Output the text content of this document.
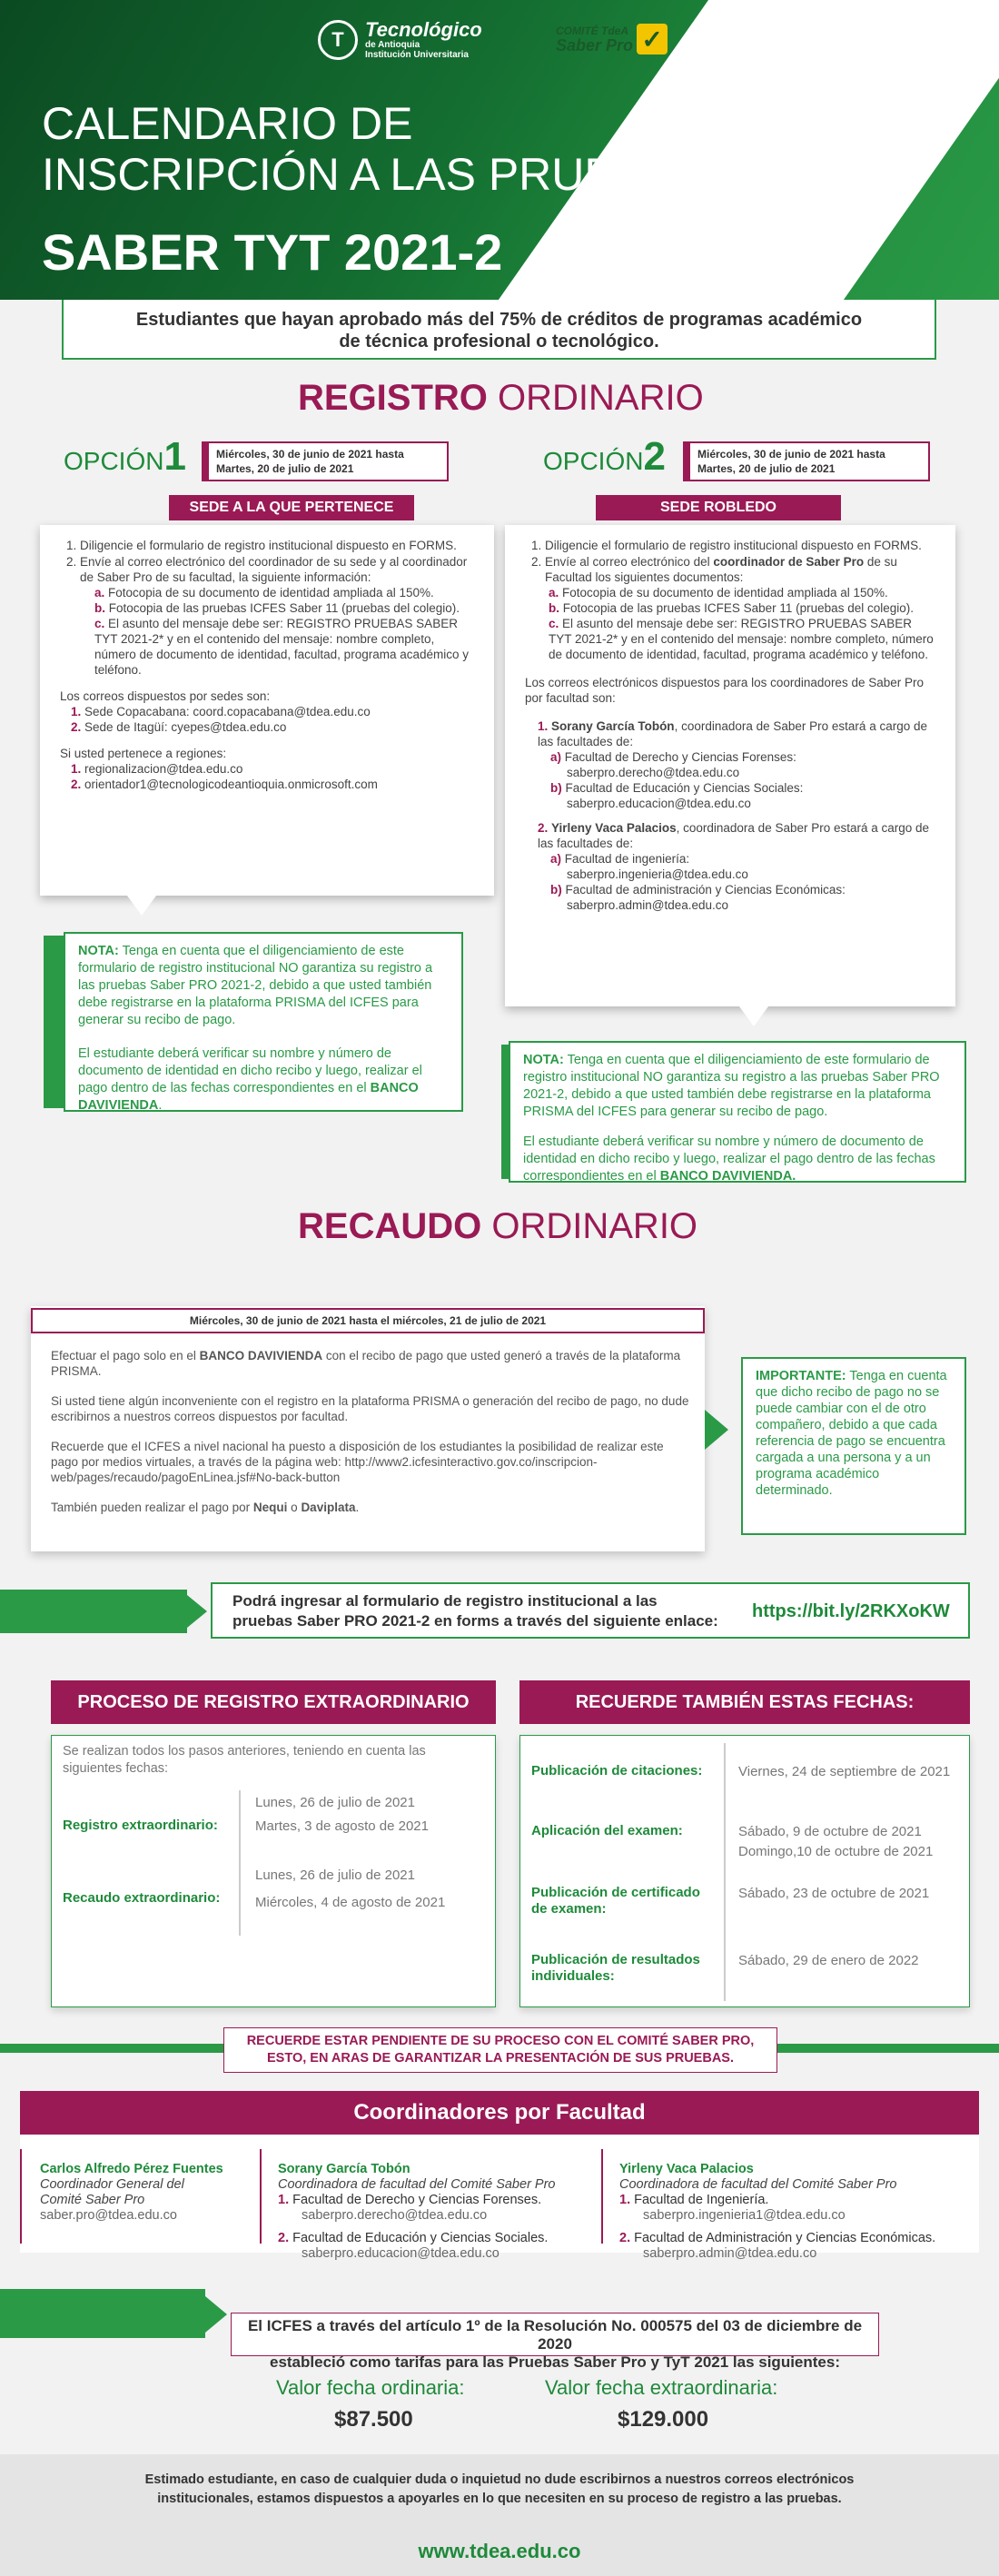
T	Tecnológico
de Antioquia
Institución Universitaria
COMITÉ TdeA
Saber Pro ✓
CALENDARIO DE
INSCRIPCIÓN A LAS PRUEBAS
SABER TYT 2021-2
Estudiantes que hayan aprobado más del 75% de créditos de programas académico
de técnica profesional o tecnológico.
REGISTRO ORDINARIO
OPCIÓN1	Miércoles, 30 de junio de 2021 hasta
Martes, 20 de julio de 2021
SEDE A LA QUE PERTENECE
1. Diligencie el formulario de registro institucional dispuesto en FORMS.
2. Envíe al correo electrónico del coordinador de su sede y al coordinador de Saber Pro de su facultad, la siguiente información:
a. Fotocopia de su documento de identidad ampliada al 150%.
b. Fotocopia de las pruebas ICFES Saber 11 (pruebas del colegio).
c. El asunto del mensaje debe ser: REGISTRO PRUEBAS SABER TYT 2021-2* y en el contenido del mensaje: nombre completo, número de documento de identidad, facultad, programa académico y teléfono.
Los correos dispuestos por sedes son:
1. Sede Copacabana: coord.copacabana@tdea.edu.co
2. Sede de Itagüí: cyepes@tdea.edu.co
Si usted pertenece a regiones:
1. regionalizacion@tdea.edu.co
2. orientador1@tecnologicodeantioquia.onmicrosoft.com

NOTA: Tenga en cuenta que el diligenciamiento de este formulario de registro institucional NO garantiza su registro a las pruebas Saber PRO 2021-2, debido a que usted también debe registrarse en la plataforma PRISMA del ICFES para generar su recibo de pago.

El estudiante deberá verificar su nombre y número de documento de identidad en dicho recibo y luego, realizar el pago dentro de las fechas correspondientes en el BANCO DAVIVIENDA.

OPCIÓN2	Miércoles, 30 de junio de 2021 hasta
Martes, 20 de julio de 2021
SEDE ROBLEDO
1. Diligencie el formulario de registro institucional dispuesto en FORMS.
2. Envíe al correo electrónico del coordinador de Saber Pro de su Facultad los siguientes documentos:
a. Fotocopia de su documento de identidad ampliada al 150%.
b. Fotocopia de las pruebas ICFES Saber 11 (pruebas del colegio).
c. El asunto del mensaje debe ser: REGISTRO PRUEBAS SABER TYT 2021-2* y en el contenido del mensaje: nombre completo, número de documento de identidad, facultad, programa académico y teléfono.
Los correos electrónicos dispuestos para los coordinadores de Saber Pro por facultad son:
1. Sorany García Tobón, coordinadora de Saber Pro estará a cargo de las facultades de:
a) Facultad de Derecho y Ciencias Forenses:
saberpro.derecho@tdea.edu.co
b) Facultad de Educación y Ciencias Sociales:
saberpro.educacion@tdea.edu.co
2. Yirleny Vaca Palacios, coordinadora de Saber Pro estará a cargo de las facultades de:
a) Facultad de ingeniería:
saberpro.ingenieria@tdea.edu.co
b) Facultad de administración y Ciencias Económicas:
saberpro.admin@tdea.edu.co

NOTA: Tenga en cuenta que el diligenciamiento de este formulario de registro institucional NO garantiza su registro a las pruebas Saber PRO 2021-2, debido a que usted también debe registrarse en la plataforma PRISMA del ICFES para generar su recibo de pago.

El estudiante deberá verificar su nombre y número de documento de identidad en dicho recibo y luego, realizar el pago dentro de las fechas correspondientes en el BANCO DAVIVIENDA.

RECAUDO ORDINARIO
Miércoles, 30 de junio de 2021 hasta el miércoles, 21 de julio de 2021

Efectuar el pago solo en el BANCO DAVIVIENDA con el recibo de pago que usted generó a través de la plataforma PRISMA.

Si usted tiene algún inconveniente con el registro en la plataforma PRISMA o generación del recibo de pago, no dude escribirnos a nuestros correos dispuestos por facultad.

Recuerde que el ICFES a nivel nacional ha puesto a disposición de los estudiantes la posibilidad de realizar este pago por medios virtuales, a través de la página web: http://www2.icfesinteractivo.gov.co/inscripcion-web/pages/recaudo/pagoEnLinea.jsf#No-back-button

También pueden realizar el pago por Nequi o Daviplata.

IMPORTANTE: Tenga en cuenta que dicho recibo de pago no se puede cambiar con el de otro compañero, debido a que cada referencia de pago se encuentra cargada a una persona y a un programa académico determinado.
Podrá ingresar al formulario de registro institucional a las
pruebas Saber PRO 2021-2 en forms a través del siguiente enlace:	https://bit.ly/2RKXoKW
PROCESO DE REGISTRO EXTRAORDINARIO
Se realizan todos los pasos anteriores, teniendo en cuenta las siguientes fechas:
Registro extraordinario:
Lunes, 26 de julio de 2021
Martes, 3 de agosto de 2021
Recaudo extraordinario:
Lunes, 26 de julio de 2021
Miércoles, 4 de agosto de 2021
RECUERDE TAMBIÉN ESTAS FECHAS:
Publicación de citaciones:	Viernes, 24 de septiembre de 2021
Aplicación del examen:	Sábado, 9 de octubre de 2021
Domingo,10 de octubre de 2021
Publicación de certificado de examen:
Sábado, 23 de octubre de 2021
Publicación de resultados individuales:
Sábado, 29 de enero de 2022
RECUERDE ESTAR PENDIENTE DE SU PROCESO CON EL COMITÉ SABER PRO,
ESTO, EN ARAS DE GARANTIZAR LA PRESENTACIÓN DE SUS PRUEBAS.
Coordinadores por Facultad
Carlos Alfredo Pérez Fuentes
Coordinador General del
Comité Saber Pro
saber.pro@tdea.edu.co
Sorany García Tobón
Coordinadora de facultad del Comité Saber Pro
1. Facultad de Derecho y Ciencias Forenses.
saberpro.derecho@tdea.edu.co
2. Facultad de Educación y Ciencias Sociales.
saberpro.educacion@tdea.edu.co
Yirleny Vaca Palacios
Coordinadora de facultad del Comité Saber Pro
1. Facultad de Ingeniería.
saberpro.ingenieria1@tdea.edu.co
2. Facultad de Administración y Ciencias Económicas.
saberpro.admin@tdea.edu.co
El ICFES a través del artículo 1º de la Resolución No. 000575 del 03 de diciembre de 2020
estableció como tarifas para las Pruebas Saber Pro y TyT 2021 las siguientes:
Valor fecha ordinaria:
$87.500
Valor fecha extraordinaria:
$129.000
Estimado estudiante, en caso de cualquier duda o inquietud no dude escribirnos a nuestros correos electrónicos
institucionales, estamos dispuestos a apoyarles en lo que necesiten en su proceso de registro a las pruebas.
www.tdea.edu.co
